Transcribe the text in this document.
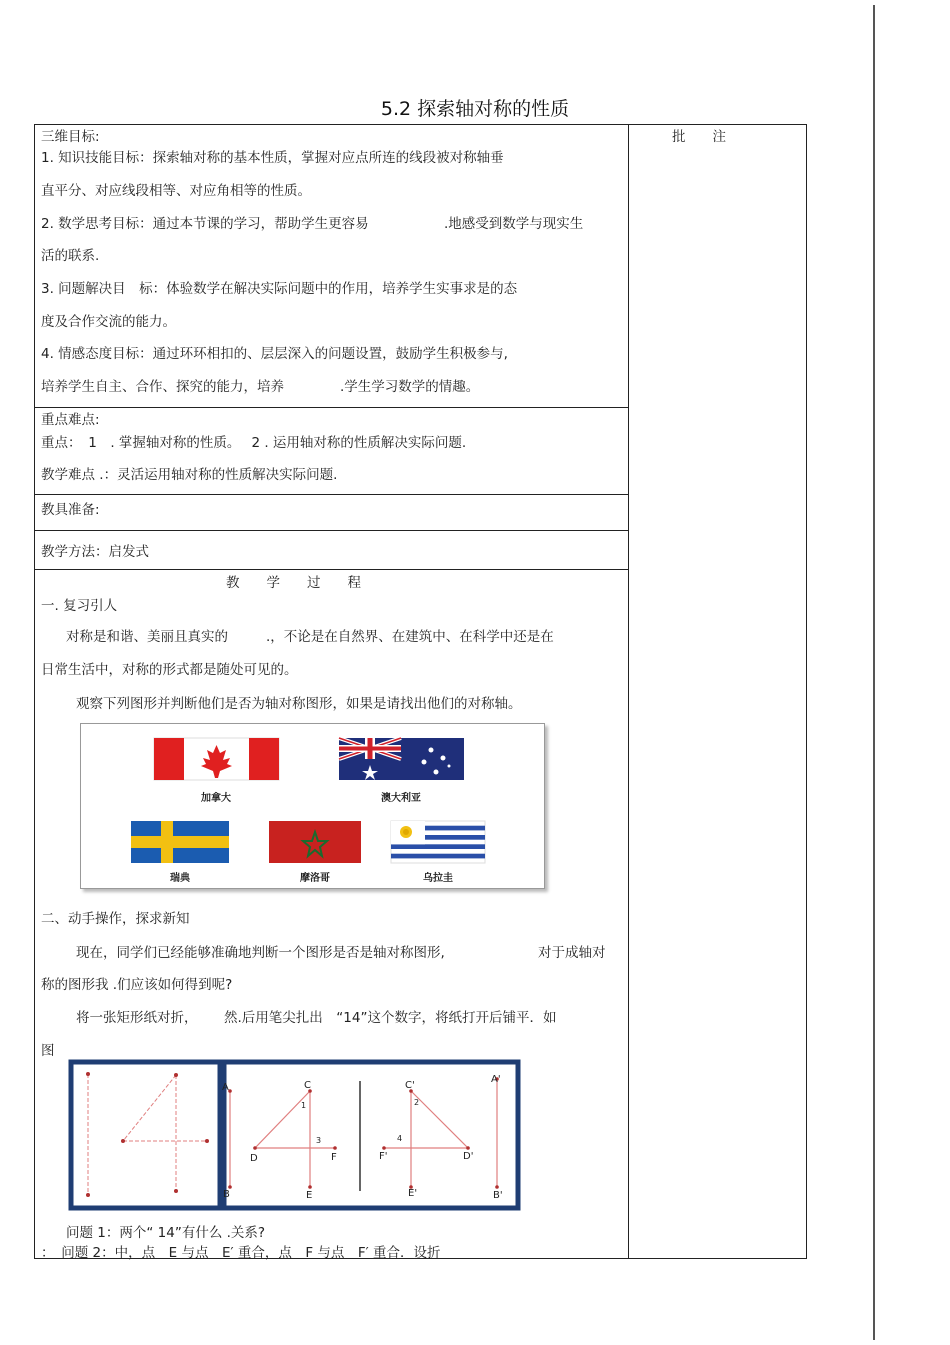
5.2 探索轴对称的性质
批　　注
三维目标:
1. 知识技能目标：探索轴对称的基本性质，掌握对应点所连的线段被对称轴垂
直平分、对应线段相等、对应角相等的性质。
2. 数学思考目标：通过本节课的学习，帮助学生更容易	.地感受到数学与现实生
活的联系.
3. 问题解决目　标：体验数学在解决实际问题中的作用，培养学生实事求是的态
度及合作交流的能力。
4. 情感态度目标：通过环环相扣的、层层深入的问题设置，鼓励学生积极参与,
培养学生自主、合作、探究的能力，培养	.学生学习数学的情趣。
重点难点:
重点：　1　. 掌握轴对称的性质。　 2 . 运用轴对称的性质解决实际问题.
教学难点 .：灵活运用轴对称的性质解决实际问题.
教具准备:
教学方法：启发式
教　　学　　过　　程
一. 复习引人
对称是和谐、美丽且真实的	.，不论是在自然界、在建筑中、在科学中还是在
日常生活中，对称的形式都是随处可见的。
观察下列图形并判断他们是否为轴对称图形，如果是请找出他们的对称轴。
加拿大	澳大利亚
瑞典	摩洛哥	乌拉圭
二、动手操作，探求新知
现在，同学们已经能够准确地判断一个图形是否是轴对称图形,	对于成轴对
称的图形我 .们应该如何得到呢?
将一张矩形纸对折， 然.后用笔尖扎出　“14”这个数字，将纸打开后铺平．如
图
A
B
C
D
E
F
A'
B'
C'
D'
E'
F'
1	2
3	4
问题 1：两个“ 14”有什么 .关系?
：　问题 2：中，点　E 与点　E′ 重合，点　F 与点　F′ 重合．设折
